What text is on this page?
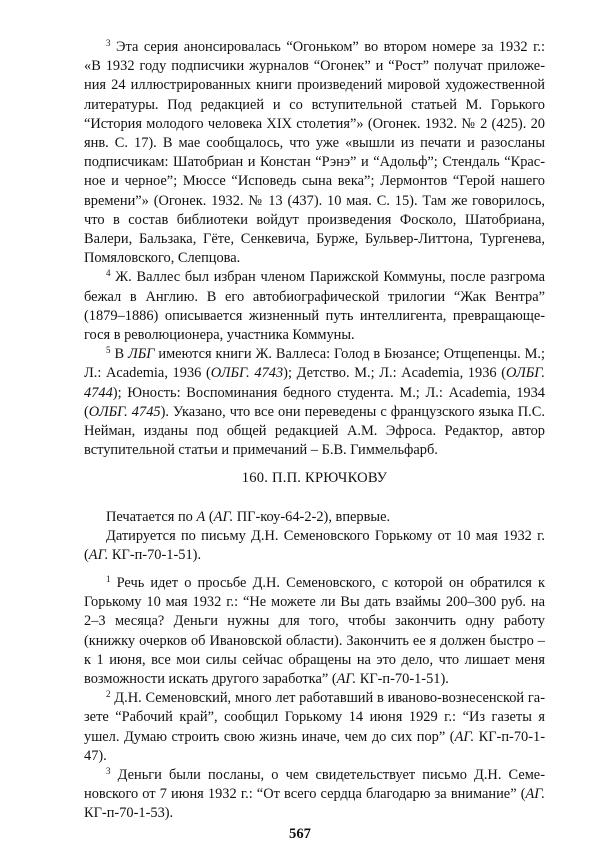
$^3$ Эта серия анонсировалась “Огоньком” во втором номере за 1932 г.: «В 1932 году подписчики журналов “Огонек” и “Рост” получат приложения 24 иллюстрированных книги произведений мировой художественной литературы. Под редакцией и со вступительной статьей М. Горького “История молодого человека XIX столетия”» (Огонек. 1932. № 2 (425). 20 янв. С. 17). В мае сообщалось, что уже «вышли из печати и разосланы подписчикам: Шатобриан и Констан “Рэнэ” и “Адольф”; Стендаль “Красное и черное”; Мюссе “Исповедь сына века”; Лермонтов “Герой нашего времени”» (Огонек. 1932. № 13 (437). 10 мая. С. 15). Там же говорилось, что в состав библиотеки войдут произведения Фосколо, Шатобриана, Валери, Бальзака, Гёте, Сенкевича, Бурже, Бульвер-Литтона, Тургенева, Помяловского, Слепцова.

$^4$ Ж. Валлес был избран членом Парижской Коммуны, после разгрома бежал в Англию. В его автобиографической трилогии “Жак Вентра” (1879–1886) описывается жизненный путь интеллигента, превращающегося в революционера, участника Коммуны.

$^5$ В ЛБГ имеются книги Ж. Валлеса: Голод в Бюзансе; Отщепенцы. М.; Л.: Academia, 1936 (ОЛБГ. 4743); Детство. М.; Л.: Academia, 1936 (ОЛБГ. 4744); Юность: Воспоминания бедного студента. М.; Л.: Academia, 1934 (ОЛБГ. 4745). Указано, что все они переведены с французского языка П.С. Нейман, изданы под общей редакцией А.М. Эфроса. Редактор, автор вступительной статьи и примечаний – Б.В. Гиммельфарб.

160. П.П. КРЮЧКОВУ

Печатается по А (АГ. ПГ-коу-64-2-2), впервые.

Датируется по письму Д.Н. Семеновского Горькому от 10 мая 1932 г. (АГ. КГ-п-70-1-51).

$^1$ Речь идет о просьбе Д.Н. Семеновского, с которой он обратился к Горькому 10 мая 1932 г.: “Не можете ли Вы дать взаймы 200–300 руб. на 2–3 месяца? Деньги нужны для того, чтобы закончить одну работу (книжку очерков об Ивановской области). Закончить ее я должен быстро – к 1 июня, все мои силы сейчас обращены на это дело, что лишает меня возможности искать другого заработка” (АГ. КГ-п-70-1-51).

$^2$ Д.Н. Семеновский, много лет работавший в иваново-вознесенской газете “Рабочий край”, сообщил Горькому 14 июня 1929 г.: “Из газеты я ушел. Думаю строить свою жизнь иначе, чем до сих пор” (АГ. КГ-п-70-1-47).

$^3$ Деньги были посланы, о чем свидетельствует письмо Д.Н. Семеновского от 7 июня 1932 г.: “От всего сердца благодарю за внимание” (АГ. КГ-п-70-1-53).

567
